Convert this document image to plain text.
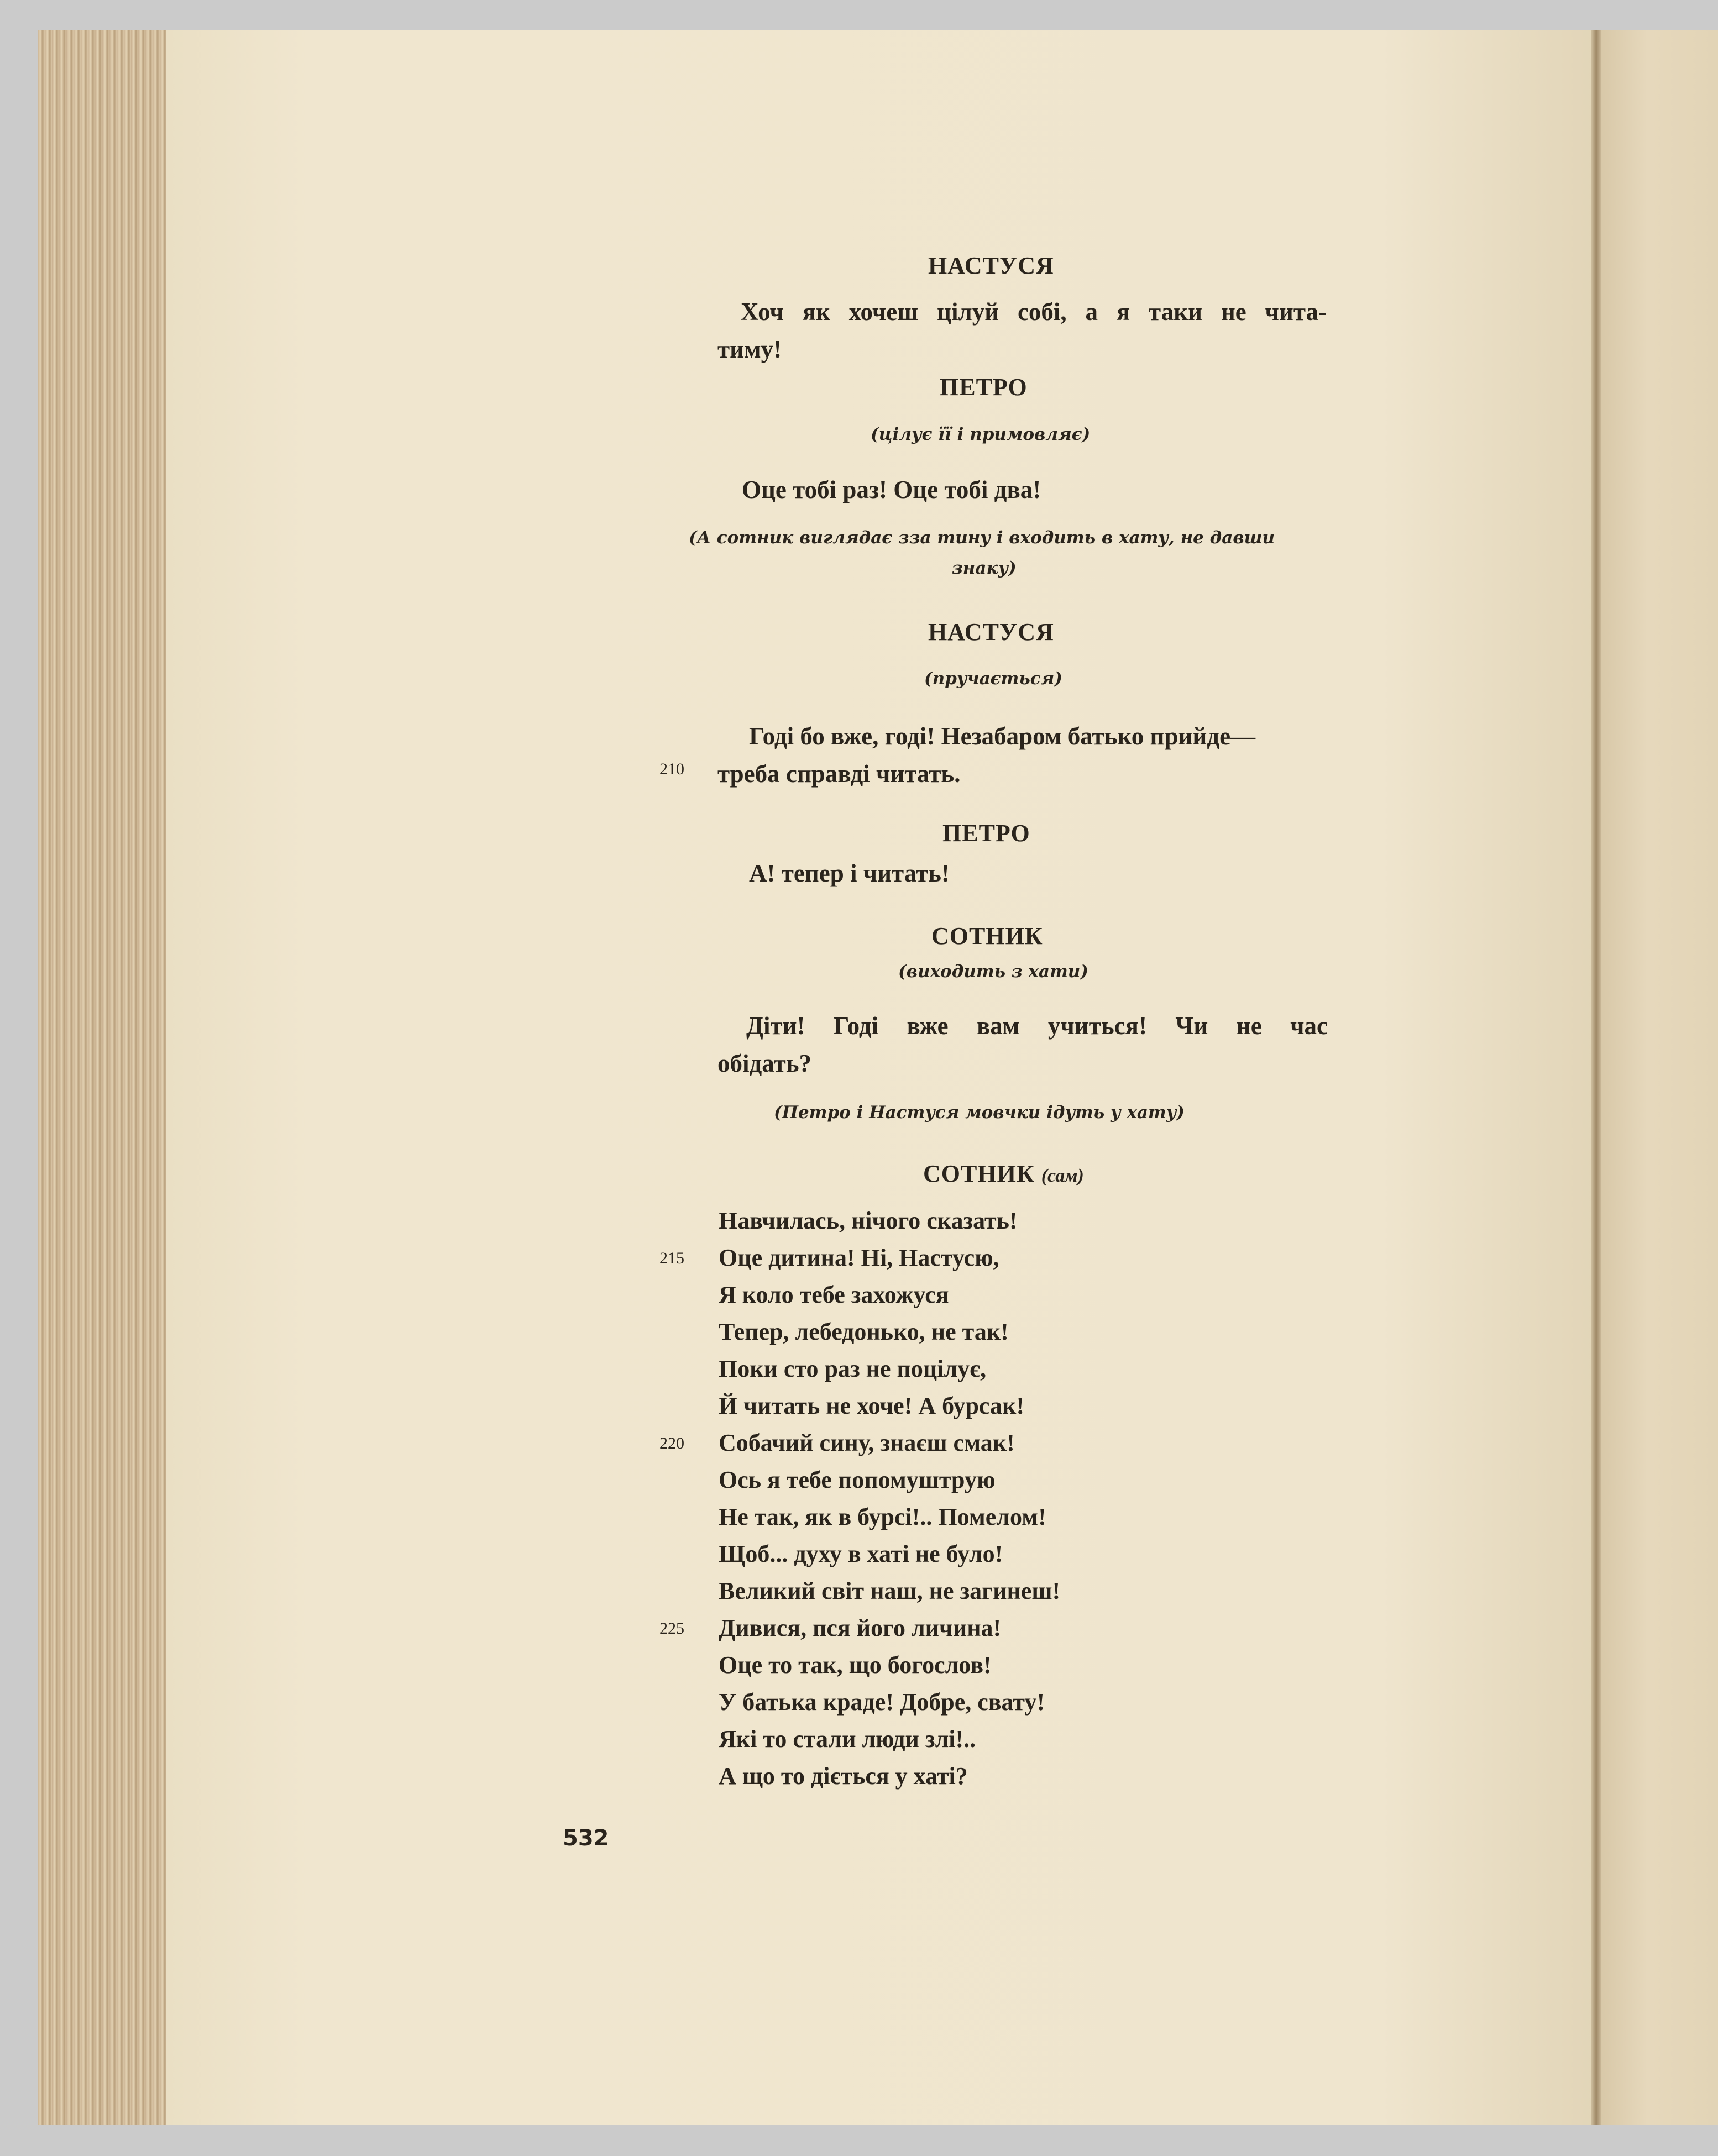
НАСТУСЯ
Хоч як хочеш цілуй собі, а я таки не чита-
тиму!
ПЕТРО
(цілує її і примовляє)
Оце тобі раз! Оце тобі два!
(А сотник виглядає зза тину і входить в хату, не давши
знаку)
НАСТУСЯ
(пручається)
Годі бо вже, годі! Незабаром батько прийде—
210 треба справді читать.
ПЕТРО
А! тепер і читать!
СОТНИК
(виходить з хати)
Діти! Годі вже вам учиться! Чи не час
обідать?
(Петро і Настуся мовчки ідуть у хату)
СОТНИК (сам)
Навчилась, нічого сказать!
215 Оце дитина! Ні, Настусю,
Я коло тебе захожуся
Тепер, лебедонько, не так!
Поки сто раз не поцілує,
Й читать не хоче! А бурсак!
220 Собачий сину, знаєш смак!
Ось я тебе попомуштрую
Не так, як в бурсі!.. Помелом!
Щоб... духу в хаті не було!
Великий світ наш, не загинеш!
225 Дивися, пся його личина!
Оце то так, що богослов!
У батька краде! Добре, свату!
Які то стали люди злі!..
А що то діється у хаті?
532
